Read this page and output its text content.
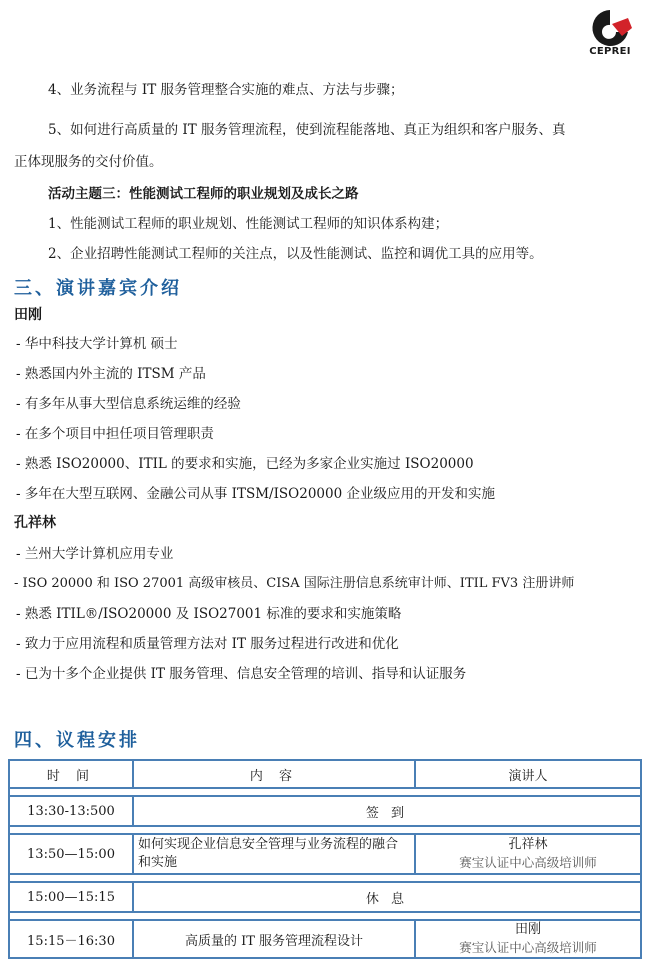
CEPREI
4、业务流程与 IT 服务管理整合实施的难点、方法与步骤；
5、如何进行高质量的 IT 服务管理流程，使到流程能落地、真正为组织和客户服务、真
正体现服务的交付价值。
活动主题三：性能测试工程师的职业规划及成长之路
1、性能测试工程师的职业规划、性能测试工程师的知识体系构建；
2、企业招聘性能测试工程师的关注点，以及性能测试、监控和调优工具的应用等。
三、演讲嘉宾介绍
田刚
- 华中科技大学计算机 硕士
- 熟悉国内外主流的 ITSM 产品
- 有多年从事大型信息系统运维的经验
- 在多个项目中担任项目管理职责
- 熟悉 ISO20000、ITIL 的要求和实施，已经为多家企业实施过 ISO20000
- 多年在大型互联网、金融公司从事 ITSM/ISO20000 企业级应用的开发和实施
孔祥林
- 兰州大学计算机应用专业
- ISO 20000 和 ISO 27001 高级审核员、CISA 国际注册信息系统审计师、ITIL FV3 注册讲师
- 熟悉 ITIL®/ISO20000 及 ISO27001 标准的要求和实施策略
- 致力于应用流程和质量管理方法对 IT 服务过程进行改进和优化
- 已为十多个企业提供 IT 服务管理、信息安全管理的培训、指导和认证服务
四、议程安排
时 间	内 容	演讲人

13:30-13:500	签 到	

13:50—15:00	如何实现企业信息安全管理与业务流程的融合和实施	孔祥林
赛宝认证中心高级培训师

15:00—15:15	休 息	

15:15－16:30	高质量的 IT 服务管理流程设计	田刚
赛宝认证中心高级培训师
